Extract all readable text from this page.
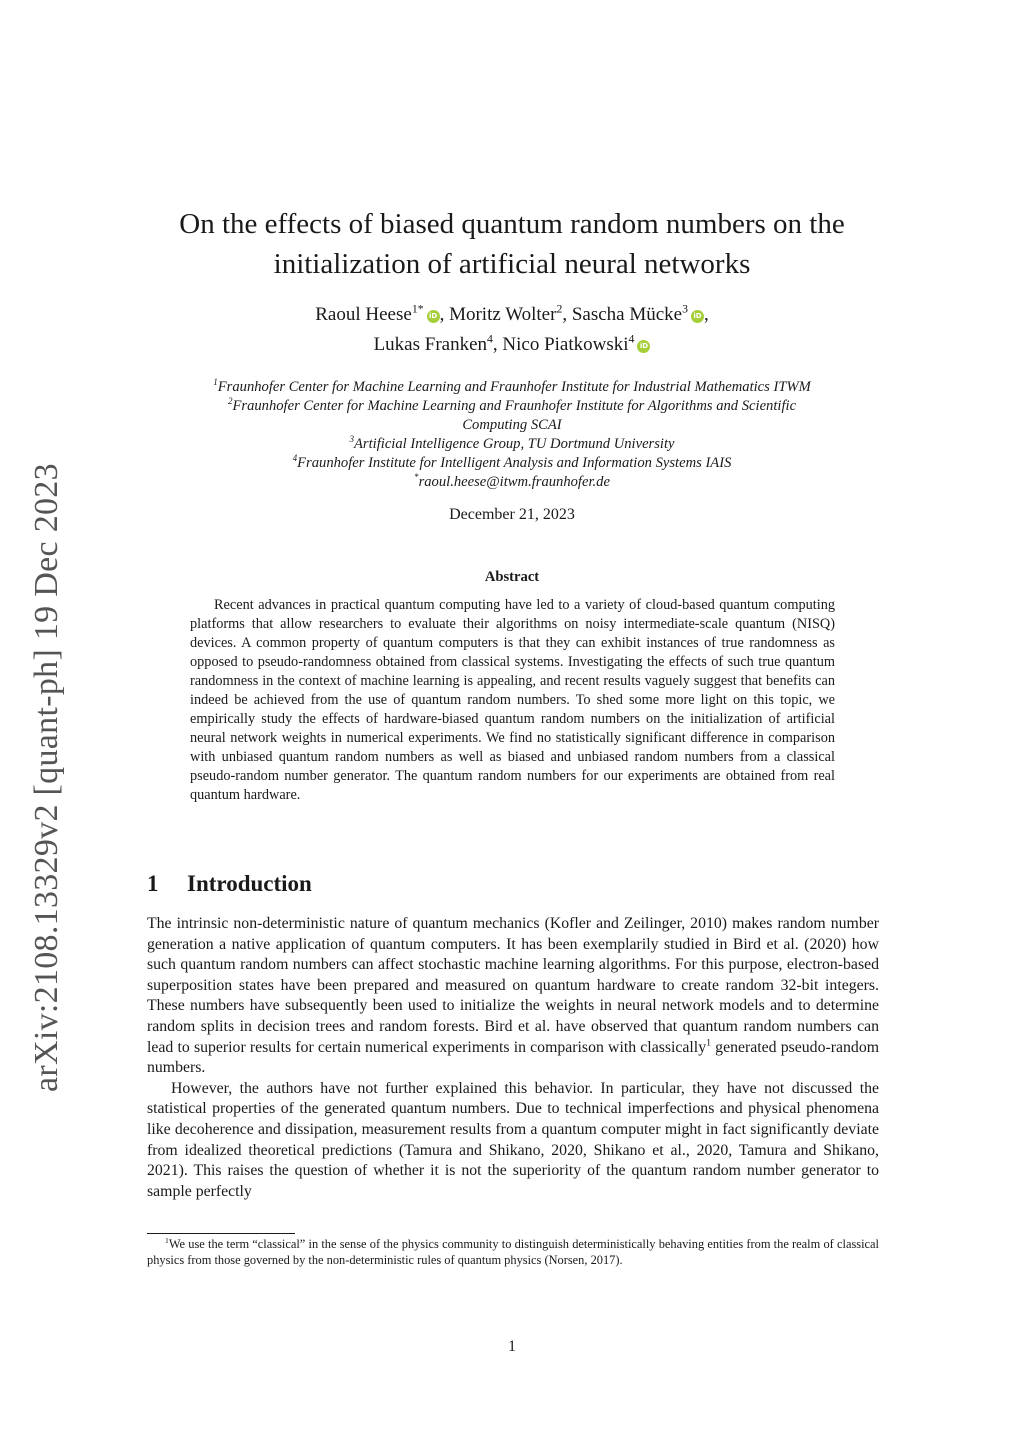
arXiv:2108.13329v2 [quant-ph] 19 Dec 2023
On the effects of biased quantum random numbers on the
initialization of artificial neural networks
Raoul Heese$^{1*}$iD , Moritz Wolter$^2$, Sascha Mücke$^3$iD ,
Lukas Franken$^4$, Nico Piatkowski$^4$iD
$^1$Fraunhofer Center for Machine Learning and Fraunhofer Institute for Industrial Mathematics ITWM
$^2$Fraunhofer Center for Machine Learning and Fraunhofer Institute for Algorithms and Scientific
Computing SCAI
$^3$Artificial Intelligence Group, TU Dortmund University
$^4$Fraunhofer Institute for Intelligent Analysis and Information Systems IAIS
*raoul.heese@itwm.fraunhofer.de
December 21, 2023
Abstract
Recent advances in practical quantum computing have led to a variety of cloud-based quantum computing platforms that allow researchers to evaluate their algorithms on noisy intermediate-scale quantum (NISQ) devices. A common property of quantum computers is that they can exhibit instances of true randomness as opposed to pseudo-randomness obtained from classical systems. Investigating the effects of such true quantum randomness in the context of machine learning is appealing, and recent results vaguely suggest that benefits can indeed be achieved from the use of quantum random numbers. To shed some more light on this topic, we empirically study the effects of hardware-biased quantum random numbers on the initialization of artificial neural network weights in numerical experiments. We find no statistically significant difference in comparison with unbiased quantum random numbers as well as biased and unbiased random numbers from a classical pseudo-random number generator. The quantum random numbers for our experiments are obtained from real quantum hardware.
1 Introduction

The intrinsic non-deterministic nature of quantum mechanics (Kofler and Zeilinger, 2010) makes random number generation a native application of quantum computers. It has been exemplarily studied in Bird et al. (2020) how such quantum random numbers can affect stochastic machine learning algorithms. For this purpose, electron-based superposition states have been prepared and measured on quantum hardware to create random 32-bit integers. These numbers have subsequently been used to initialize the weights in neural network models and to determine random splits in decision trees and random forests. Bird et al. have observed that quantum random numbers can lead to superior results for certain numerical experiments in comparison with classically$^1$ generated pseudo-random numbers.

However, the authors have not further explained this behavior. In particular, they have not discussed the statistical properties of the generated quantum numbers. Due to technical imperfections and physical phenomena like decoherence and dissipation, measurement results from a quantum computer might in fact significantly deviate from idealized theoretical predictions (Tamura and Shikano, 2020, Shikano et al., 2020, Tamura and Shikano, 2021). This raises the question of whether it is not the superiority of the quantum random number generator to sample perfectly

$^1$We use the term “classical” in the sense of the physics community to distinguish deterministically behaving entities from the realm of classical physics from those governed by the non-deterministic rules of quantum physics (Norsen, 2017).
1
